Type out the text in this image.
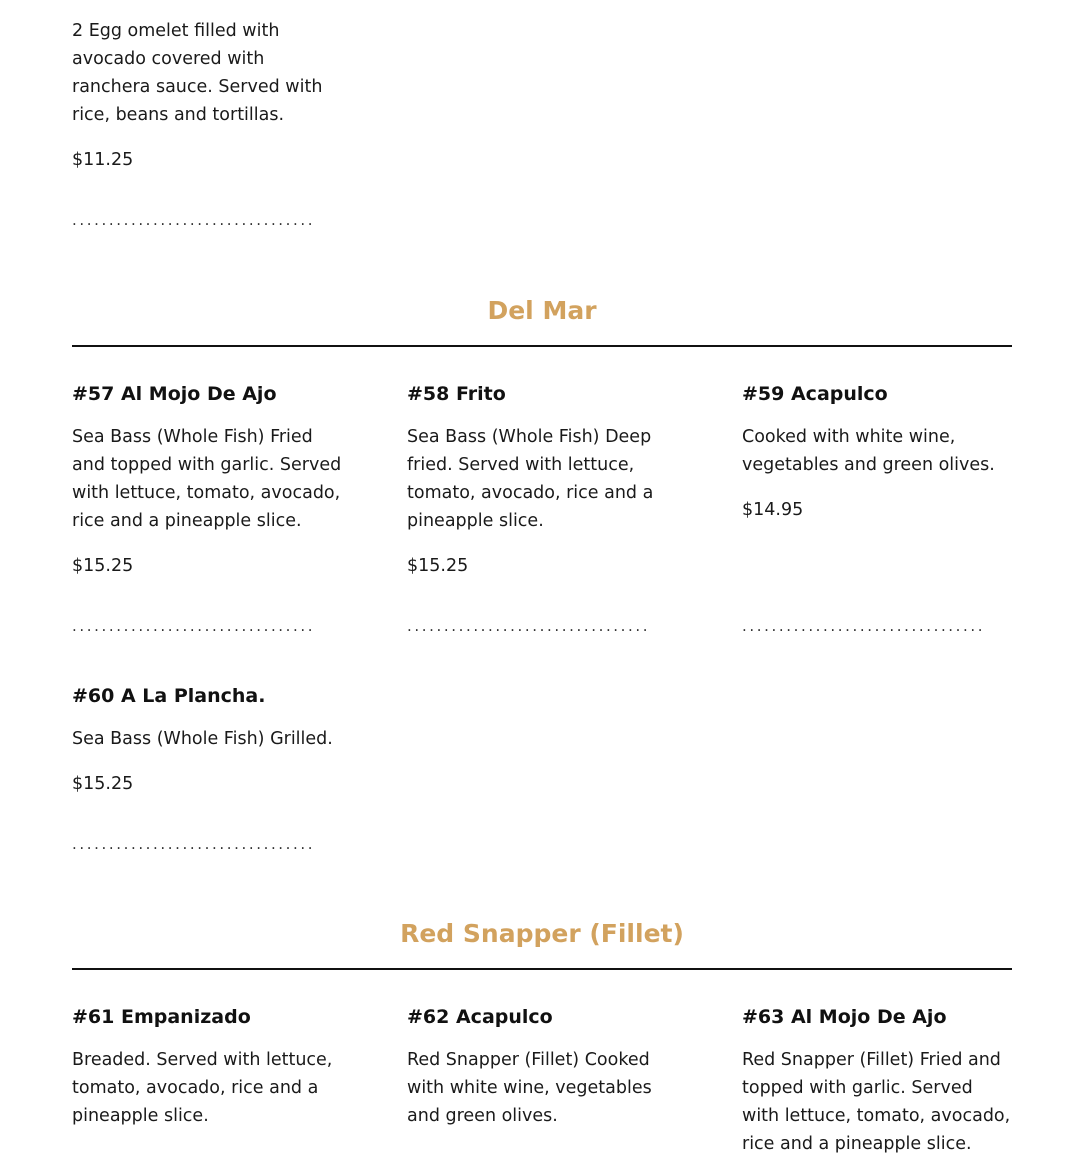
2 Egg omelet filled with avocado covered with ranchera sauce. Served with rice, beans and tortillas.

$11.25

.................................
Del Mar
#57 Al Mojo De Ajo

Sea Bass (Whole Fish) Fried and topped with garlic. Served with lettuce, tomato, avocado, rice and a pineapple slice.

$15.25

.................................
#58 Frito

Sea Bass (Whole Fish) Deep fried. Served with lettuce, tomato, avocado, rice and a pineapple slice.

$15.25

.................................
#59 Acapulco

Cooked with white wine, vegetables and green olives.

$14.95

.................................
#60 A La Plancha.

Sea Bass (Whole Fish) Grilled.

$15.25

.................................
Red Snapper (Fillet)
#61 Empanizado

Breaded. Served with lettuce, tomato, avocado, rice and a pineapple slice.

#62 Acapulco

Red Snapper (Fillet) Cooked with white wine, vegetables and green olives.

#63 Al Mojo De Ajo

Red Snapper (Fillet) Fried and topped with garlic. Served with lettuce, tomato, avocado, rice and a pineapple slice.
